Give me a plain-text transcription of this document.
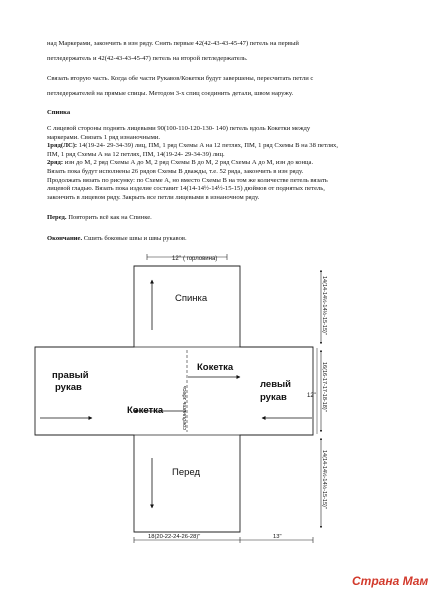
над Маркерами, закончить в изн ряду. Снять первые 42(42-43-43-45-47) петель на первый

петледержатель и 42(42-43-43-45-47) петель на второй петледержатель.

Связать вторую часть. Когда обе части Рукавов/Кокетки будут завершены, пересчитать петли с

петледержателей на прямые спицы. Методом 3-х спиц соединить детали, швом наружу.

Спинка

С лицевой стороны поднять лицевыми 90(100-110-120-130- 140) петель вдоль Кокетки между

маркерами. Связать 1 ряд изнаночными.

1ряд(ЛС): 14(19-24- 29-34-39) лиц, ПМ, 1 ряд Схемы А на 12 петлях, ПМ, 1 ряд Схемы В на 38 петлях,

ПМ, 1 ряд Схемы А на 12 петлях, ПМ, 14(19-24- 29-34-39) лиц.

2ряд: изн до М, 2 ряд Схемы А до М, 2 ряд Схемы В до М, 2 ряд Схемы А до М, изн до конца.

Вязать пока будут исполнены 26 рядов Схемы В дважды, т.е. 52 ряда, закончить в изн ряду.

Продолжать вязать по рисунку: по Схеме А, но вместо Схемы В на том же количестве петель вязать

лицевой гладью. Вязать пока изделие составит 14(14-14½-14½-15-15) дюймов от поднятых петель,

закончить в лицевом ряду. Закрыть все петли лицевыми в изнаночном ряду.

Перед. Повторить всё как на Спинке.

Окончание. Сшить боковые швы и швы рукавов.

12" ( горловина)
Спинка
Кокетка
Кокетка
правый
рукав	левый
рукав
соединить здесь
Перед
14(14-14½-14½-15-15)"
16(16-17-17-18-18)"
14(14-14½-14½-15-15)"
12"
18(20-22-24-26-28)"	13"
Страна Мам
